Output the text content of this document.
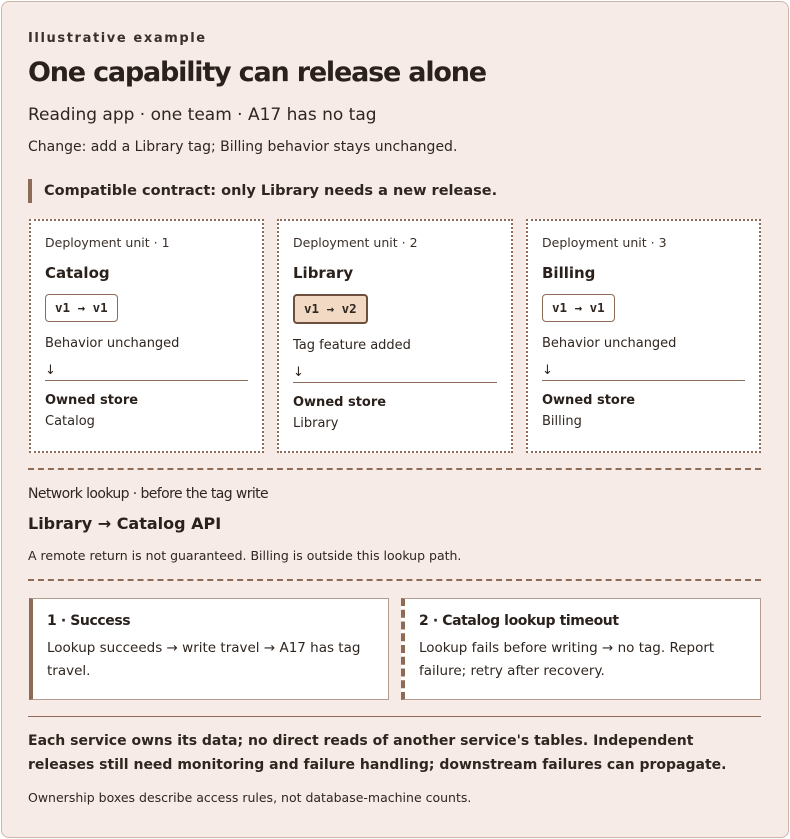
Illustrative example
One capability can release alone
Reading app · one team · A17 has no tag
Change: add a Library tag; Billing behavior stays unchanged.
Compatible contract: only Library needs a new release.
Deployment unit · 1
Catalog
v1 → v1
Behavior unchanged
↓
Owned store
Catalog
Deployment unit · 2
Library
v1 → v2
Tag feature added
↓
Owned store
Library
Deployment unit · 3
Billing
v1 → v1
Behavior unchanged
↓
Owned store
Billing
Network lookup · before the tag write
Library → Catalog API
A remote return is not guaranteed. Billing is outside this lookup path.
1 · Success
Lookup succeeds → write travel → A17 has tag travel.
2 · Catalog lookup timeout
Lookup fails before writing → no tag. Report failure; retry after recovery.
Each service owns its data; no direct reads of another service's tables. Independent releases still need monitoring and failure handling; downstream failures can propagate.
Ownership boxes describe access rules, not database-machine counts.
